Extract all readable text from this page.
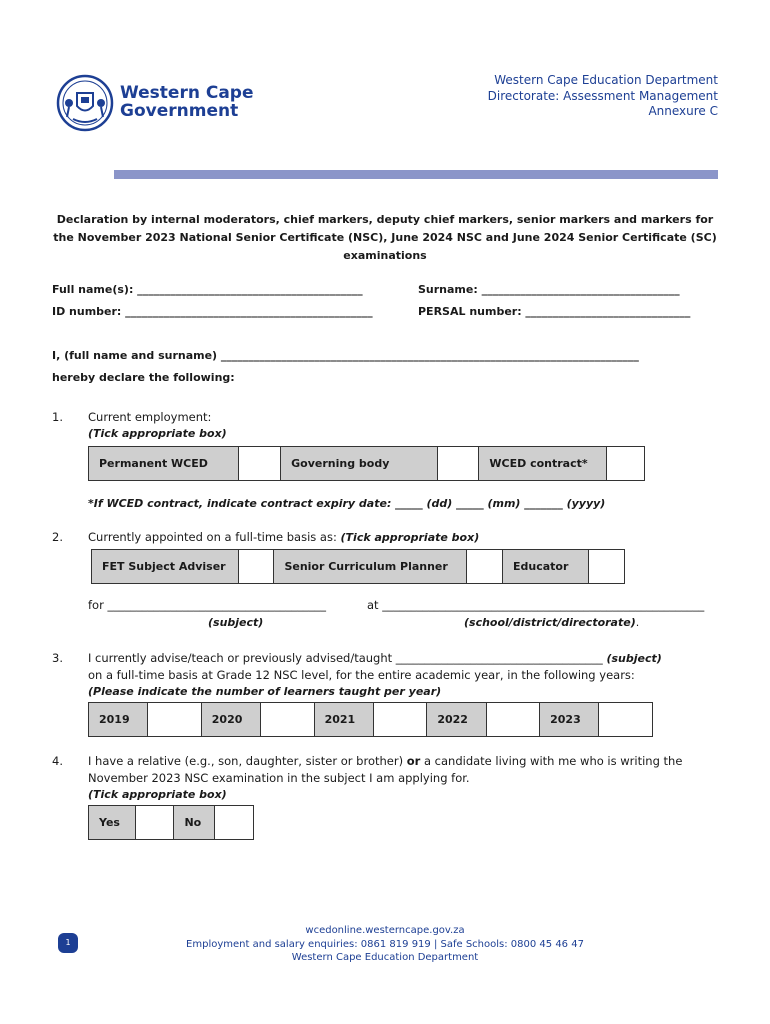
Western Cape
Government
Western Cape Education Department
Directorate: Assessment Management
Annexure C
Declaration by internal moderators, chief markers, deputy chief markers, senior markers and markers for the November 2023 National Senior Certificate (NSC), June 2024 NSC and June 2024 Senior Certificate (SC) examinations
Full name(s): _________________________________________	Surname: ____________________________________
ID number: _____________________________________________	PERSAL number: ______________________________
I, (full name and surname) ____________________________________________________________________________
hereby declare the following:
1. Current employment:
(Tick appropriate box)
Permanent WCED		Governing body		WCED contract*	
*If WCED contract, indicate contract expiry date: _____ (dd) _____ (mm) _______ (yyyy)
2. Currently appointed on a full-time basis as: (Tick appropriate box)
FET Subject Adviser		Senior Curriculum Planner		Educator	
for ______________________________________	at ________________________________________________________
(subject)	(school/district/directorate).
3. I currently advise/teach or previously advised/taught ____________________________________ (subject)
on a full-time basis at Grade 12 NSC level, for the entire academic year, in the following years:
(Please indicate the number of learners taught per year)
2019		2020		2021		2022		2023	
4. I have a relative (e.g., son, daughter, sister or brother) or a candidate living with me who is writing the
November 2023 NSC examination in the subject I am applying for.
(Tick appropriate box)
Yes		No	
1
wcedonline.westerncape.gov.za
Employment and salary enquiries: 0861 819 919 | Safe Schools: 0800 45 46 47
Western Cape Education Department
